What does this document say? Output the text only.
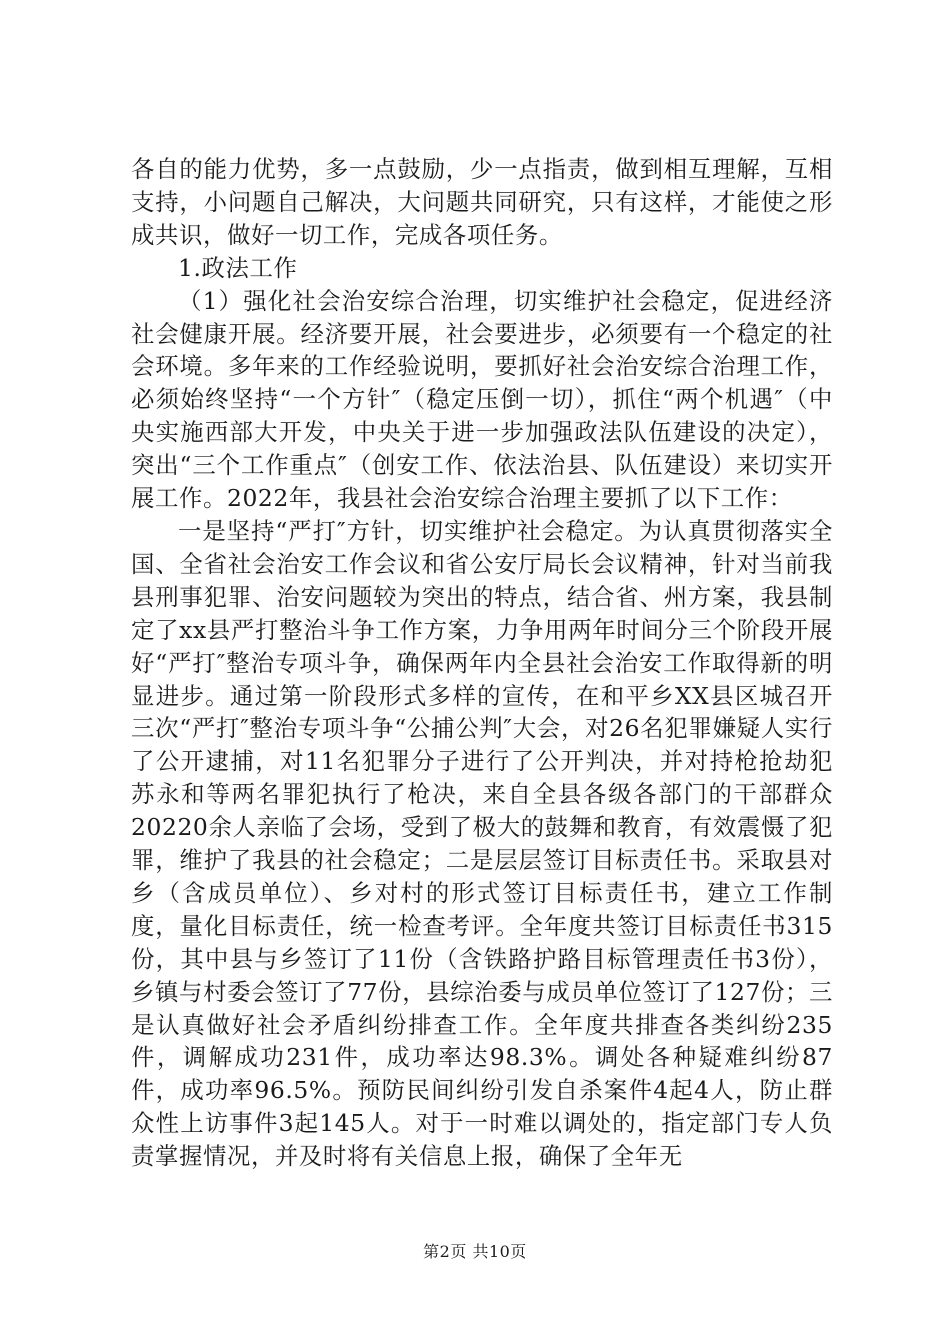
各自的能力优势，多一点鼓励，少一点指责，做到相互理解，互相支持，小问题自己解决，大问题共同研究，只有这样，才能使之形成共识，做好一切工作，完成各项任务。

1.政法工作

（1）强化社会治安综合治理，切实维护社会稳定，促进经济社会健康开展。经济要开展，社会要进步，必须要有一个稳定的社会环境。多年来的工作经验说明，要抓好社会治安综合治理工作，必须始终坚持“一个方针″（稳定压倒一切），抓住“两个机遇″（中央实施西部大开发，中央关于进一步加强政法队伍建设的决定），突出“三个工作重点″（创安工作、依法治县、队伍建设）来切实开展工作。2022年，我县社会治安综合治理主要抓了以下工作：

一是坚持“严打″方针，切实维护社会稳定。为认真贯彻落实全国、全省社会治安工作会议和省公安厅局长会议精神，针对当前我县刑事犯罪、治安问题较为突出的特点，结合省、州方案，我县制定了xx县严打整治斗争工作方案，力争用两年时间分三个阶段开展好“严打″整治专项斗争，确保两年内全县社会治安工作取得新的明显进步。通过第一阶段形式多样的宣传，在和平乡XX县区城召开三次“严打″整治专项斗争“公捕公判″大会，对26名犯罪嫌疑人实行了公开逮捕，对11名犯罪分子进行了公开判决，并对持枪抢劫犯苏永和等两名罪犯执行了枪决，来自全县各级各部门的干部群众20220余人亲临了会场，受到了极大的鼓舞和教育，有效震慑了犯罪，维护了我县的社会稳定；二是层层签订目标责任书。采取县对乡（含成员单位）、乡对村的形式签订目标责任书，建立工作制度，量化目标责任，统一检查考评。全年度共签订目标责任书315份，其中县与乡签订了11份（含铁路护路目标管理责任书3份），乡镇与村委会签订了77份，县综治委与成员单位签订了127份；三是认真做好社会矛盾纠纷排查工作。全年度共排查各类纠纷235件，调解成功231件，成功率达98.3%。调处各种疑难纠纷87件，成功率96.5%。预防民间纠纷引发自杀案件4起4人，防止群众性上访事件3起145人。对于一时难以调处的，指定部门专人负责掌握情况，并及时将有关信息上报，确保了全年无

第2页 共10页
